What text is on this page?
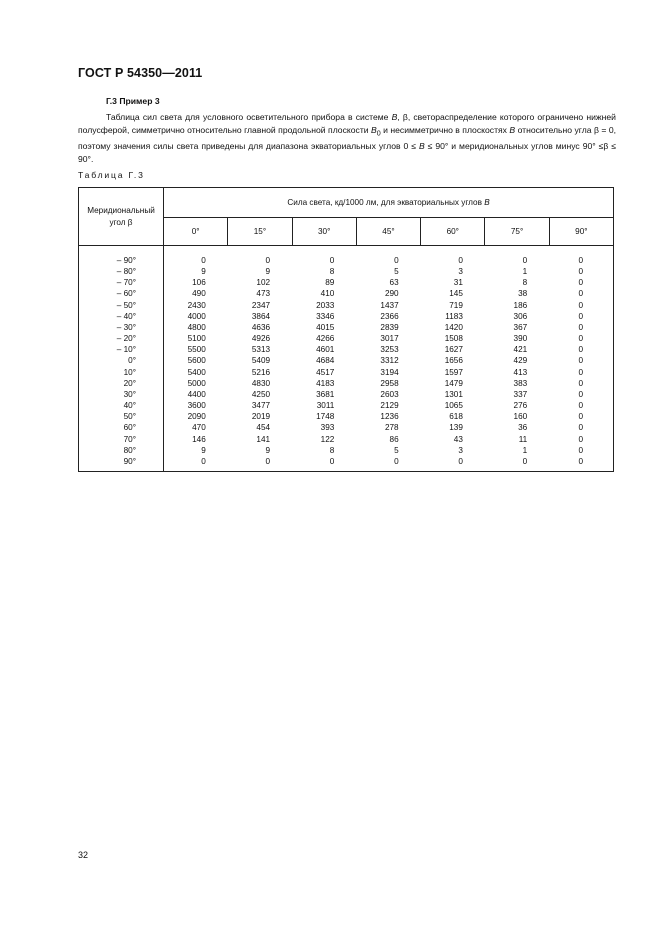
ГОСТ Р 54350—2011
Г.3 Пример 3

Таблица сил света для условного осветительного прибора в системе B, β, светораспределение которого ограничено нижней полусферой, симметрично относительно главной продольной плоскости $B_0$ и несимметрично в плоскостях B относительно угла β = 0, поэтому значения силы света приведены для диапазона экваториальных углов 0 ≤ B ≤ 90° и меридиональных углов минус 90° ≤β ≤ 90°.

Таблица Г.3
Меридиональный
угол β	Сила света, кд/1000 лм, для экваториальных углов B						
	0°	15°	30°	45°	60°	75°	90°
– 90°	0	0	0	0	0	0	0
– 80°	9	9	8	5	3	1	0
– 70°	106	102	89	63	31	8	0
– 60°	490	473	410	290	145	38	0
– 50°	2430	2347	2033	1437	719	186	0
– 40°	4000	3864	3346	2366	1183	306	0
– 30°	4800	4636	4015	2839	1420	367	0
– 20°	5100	4926	4266	3017	1508	390	0
– 10°	5500	5313	4601	3253	1627	421	0
0°	5600	5409	4684	3312	1656	429	0
10°	5400	5216	4517	3194	1597	413	0
20°	5000	4830	4183	2958	1479	383	0
30°	4400	4250	3681	2603	1301	337	0
40°	3600	3477	3011	2129	1065	276	0
50°	2090	2019	1748	1236	618	160	0
60°	470	454	393	278	139	36	0
70°	146	141	122	86	43	11	0
80°	9	9	8	5	3	1	0
90°	0	0	0	0	0	0	0
32
